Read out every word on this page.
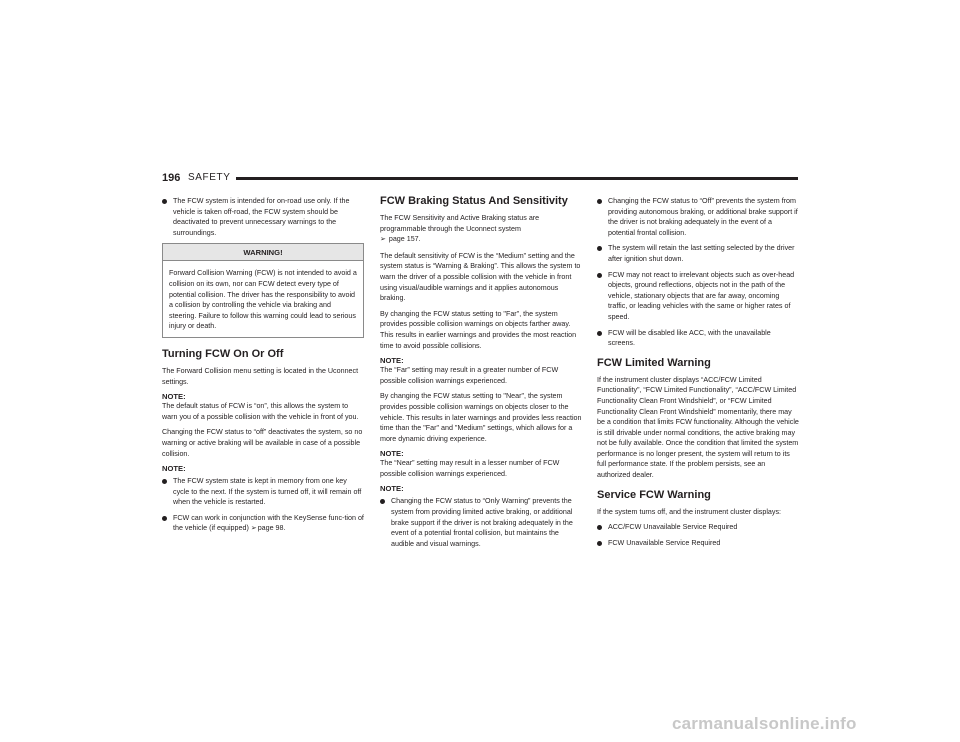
196 SAFETY
The FCW system is intended for on-road use only. If the vehicle is taken off-road, the FCW system should be deactivated to prevent unnecessary warnings to the surroundings.
WARNING!
Forward Collision Warning (FCW) is not intended to avoid a collision on its own, nor can FCW detect every type of potential collision. The driver has the responsibility to avoid a collision by controlling the vehicle via braking and steering. Failure to follow this warning could lead to serious injury or death.
Turning FCW On Or Off

The Forward Collision menu setting is located in the Uconnect settings.

NOTE:

The default status of FCW is “on”, this allows the system to warn you of a possible collision with the vehicle in front of you.

Changing the FCW status to “off” deactivates the system, so no warning or active braking will be available in case of a possible collision.

NOTE:
The FCW system state is kept in memory from one key cycle to the next. If the system is turned off, it will remain off when the vehicle is restarted.
FCW can work in conjunction with the KeySense func-tion of the vehicle (if equipped) ➢page 98.
FCW Braking Status And Sensitivity

The FCW Sensitivity and Active Braking status are programmable through the Uconnect system
➢ page 157.

The default sensitivity of FCW is the “Medium” setting and the system status is “Warning & Braking”. This allows the system to warn the driver of a possible collision with the vehicle in front using visual/audible warnings and it applies autonomous braking.

By changing the FCW status setting to "Far", the system provides possible collision warnings on objects farther away. This results in earlier warnings and provides the most reaction time to avoid possible collisions.

NOTE:

The “Far” setting may result in a greater number of FCW possible collision warnings experienced.

By changing the FCW status setting to "Near", the system provides possible collision warnings on objects closer to the vehicle. This results in later warnings and provides less reaction time than the "Far" and "Medium" settings, which allows for a more dynamic driving experience.

NOTE:

The “Near” setting may result in a lesser number of FCW possible collision warnings experienced.

NOTE:
Changing the FCW status to “Only Warning” prevents the system from providing limited active braking, or additional brake support if the driver is not braking adequately in the event of a potential frontal collision, but maintains the audible and visual warnings.
Changing the FCW status to “Off” prevents the system from providing autonomous braking, or additional brake support if the driver is not braking adequately in the event of a potential frontal collision.
The system will retain the last setting selected by the driver after ignition shut down.
FCW may not react to irrelevant objects such as over-head objects, ground reflections, objects not in the path of the vehicle, stationary objects that are far away, oncoming traffic, or leading vehicles with the same or higher rates of speed.
FCW will be disabled like ACC, with the unavailable screens.
FCW Limited Warning

If the instrument cluster displays “ACC/FCW Limited Functionality”, “FCW Limited Functionality”, “ACC/FCW Limited Functionality Clean Front Windshield”, or “FCW Limited Functionality Clean Front Windshield” momentarily, there may be a condition that limits FCW functionality. Although the vehicle is still drivable under normal conditions, the active braking may not be fully available. Once the condition that limited the system performance is no longer present, the system will return to its full performance state. If the problem persists, see an authorized dealer.

Service FCW Warning

If the system turns off, and the instrument cluster displays:

ACC/FCW Unavailable Service Required
FCW Unavailable Service Required
carmanualsonline.info
